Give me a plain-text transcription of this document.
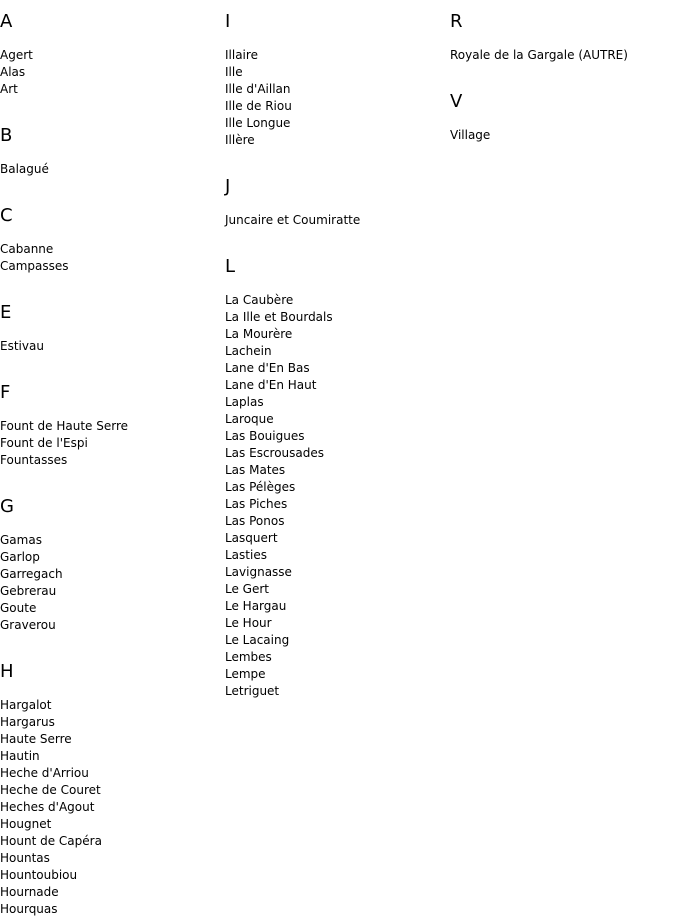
A
Agert
Alas
Art
B
Balagué
C
Cabanne
Campasses
E
Estivau
F
Fount de Haute Serre
Fount de l'Espi
Fountasses
G
Gamas
Garlop
Garregach
Gebrerau
Goute
Graverou
H
Hargalot
Hargarus
Haute Serre
Hautin
Heche d'Arriou
Heche de Couret
Heches d'Agout
Hougnet
Hount de Capéra
Hountas
Hountoubiou
Hournade
Hourquas
I
Illaire
Ille
Ille d'Aillan
Ille de Riou
Ille Longue
Illère
J
Juncaire et Coumiratte
L
La Caubère
La Ille et Bourdals
La Mourère
Lachein
Lane d'En Bas
Lane d'En Haut
Laplas
Laroque
Las Bouigues
Las Escrousades
Las Mates
Las Pélèges
Las Piches
Las Ponos
Lasquert
Lasties
Lavignasse
Le Gert
Le Hargau
Le Hour
Le Lacaing
Lembes
Lempe
Letriguet
R
Royale de la Gargale (AUTRE)
V
Village
